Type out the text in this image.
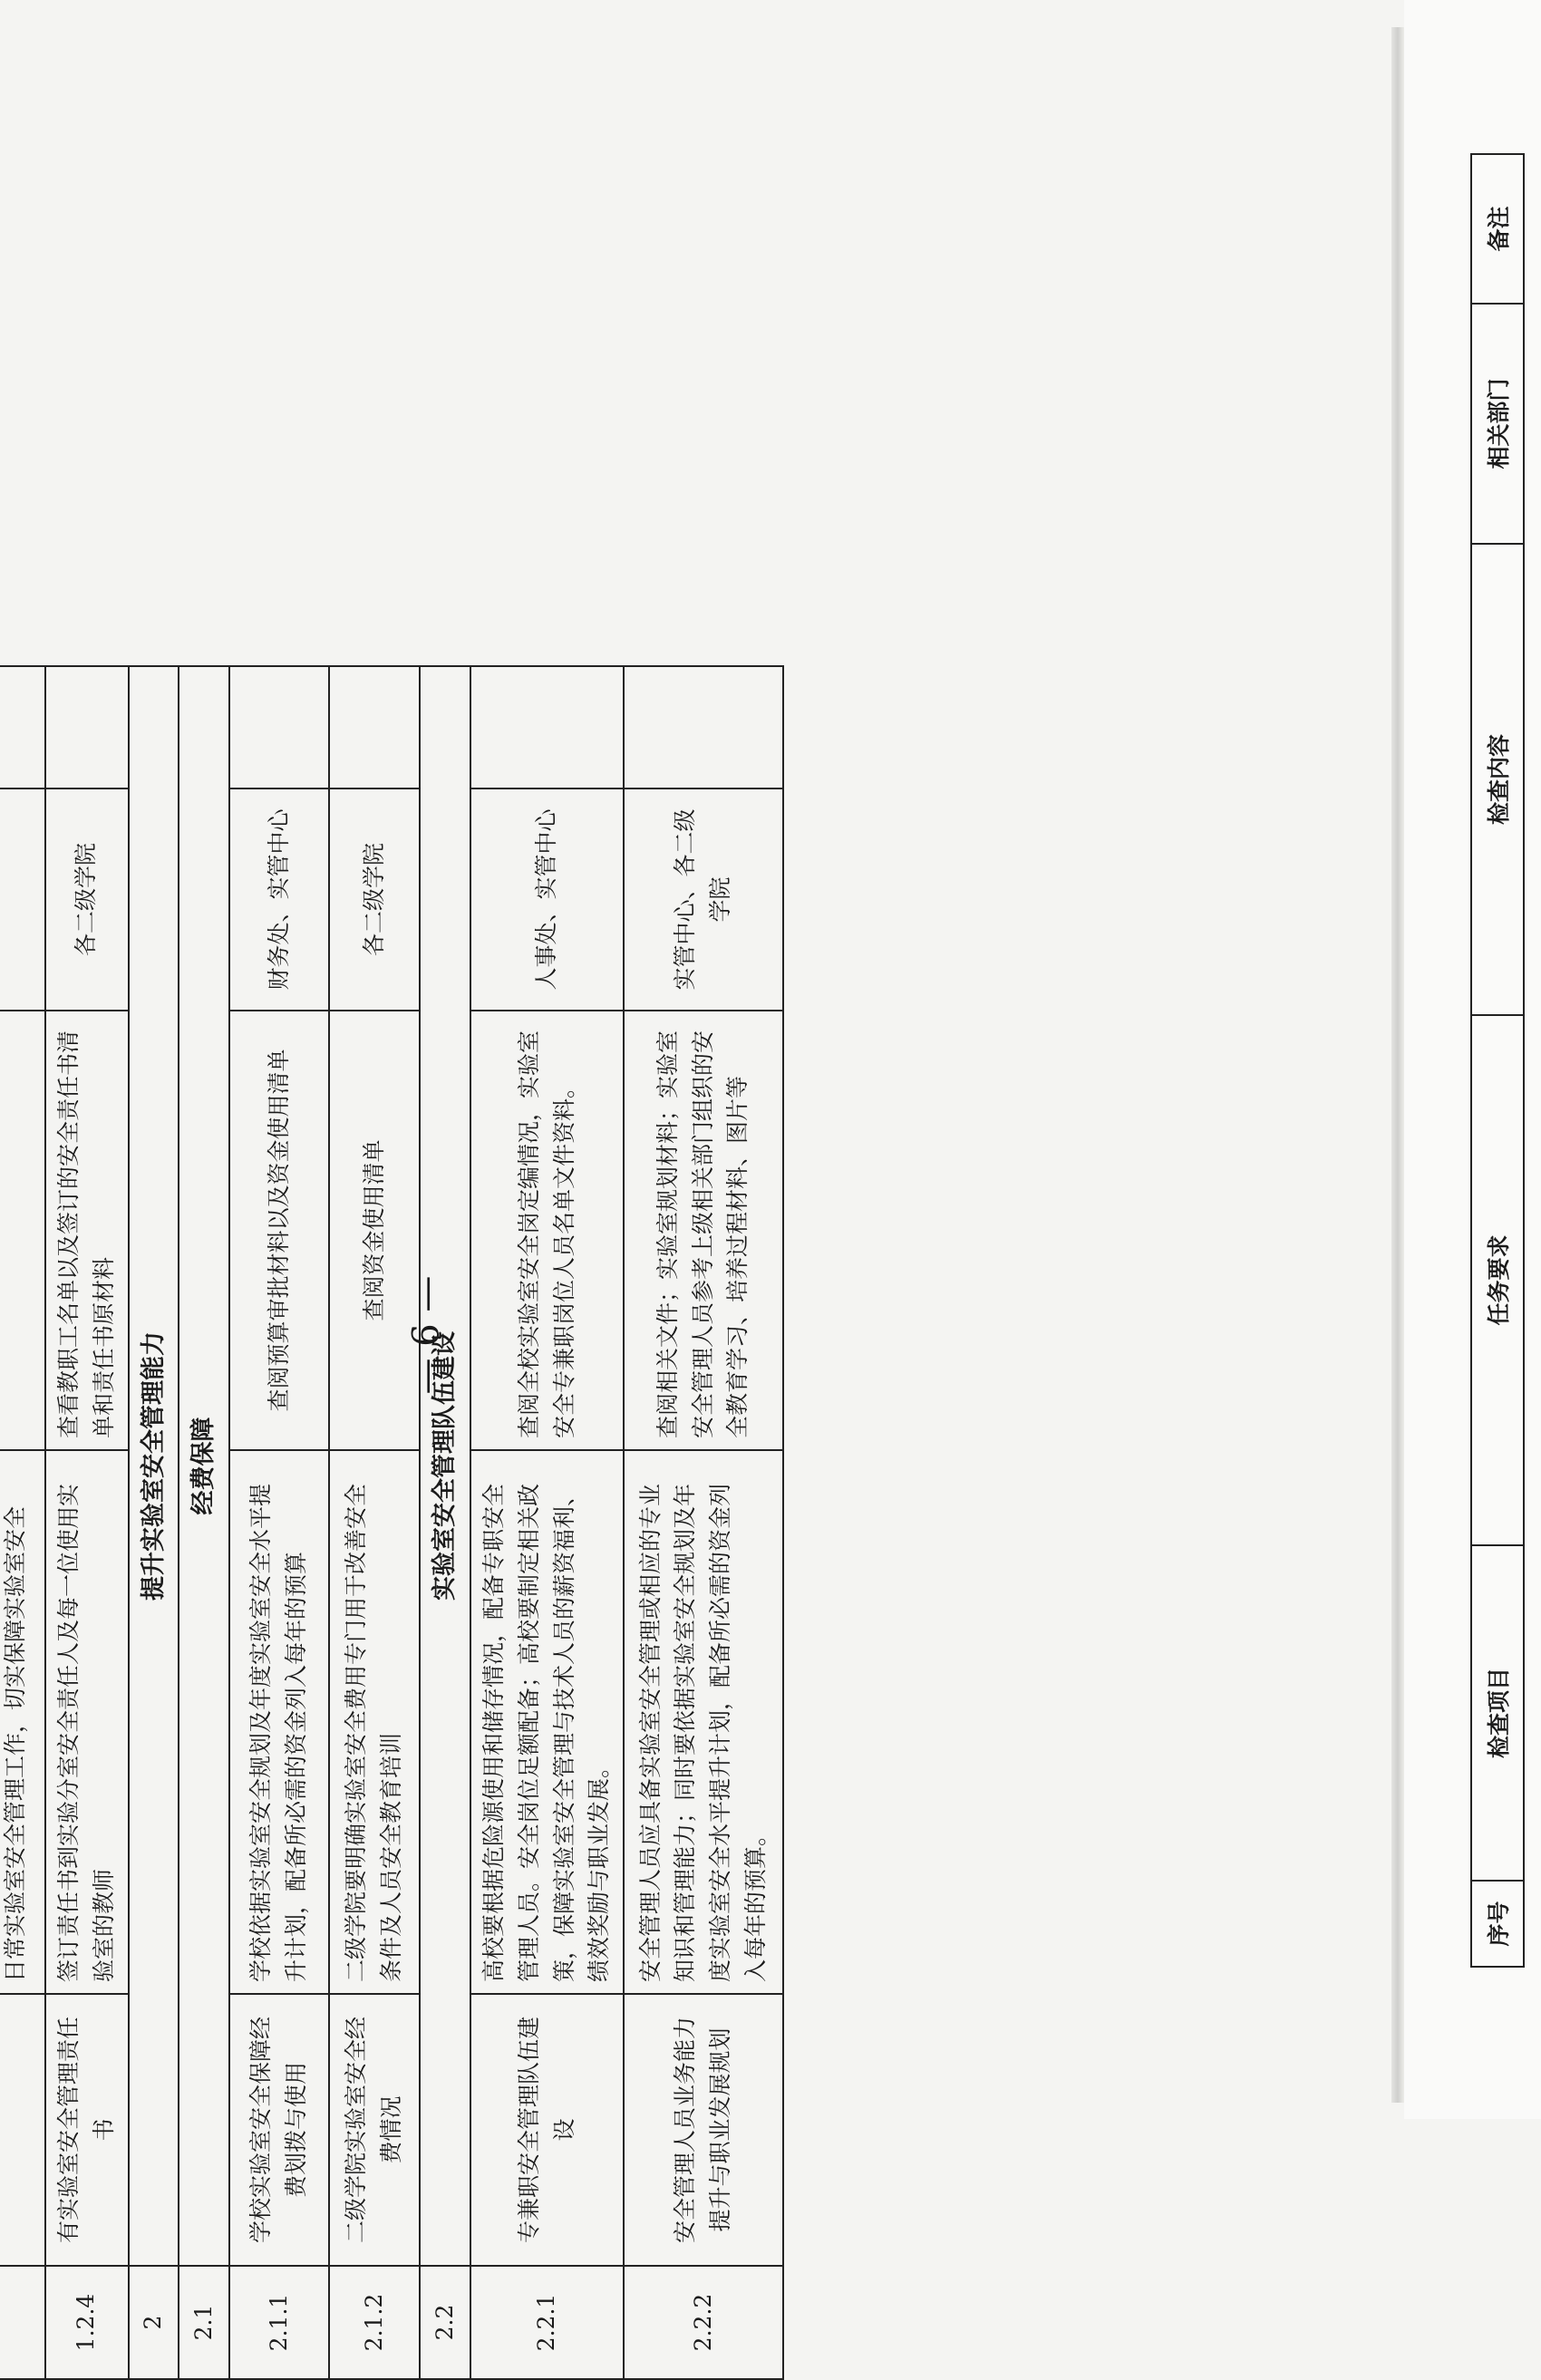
		日常实验室安全管理工作，切实保障实验室安全			
1.2.4	有实验室安全管理责任书	签订责任书到实验分室安全责任人及每一位使用实验室的教师	查看教职工名单以及签订的安全责任书清单和责任书原材料	各二级学院	
2	提升实验室安全管理能力				
2.1	经费保障				
2.1.1	学校实验室安全保障经费划拨与使用	学校依据实验室安全规划及年度实验室安全水平提升计划，配备所必需的资金列入每年的预算	查阅预算审批材料以及资金使用清单	财务处、实管中心	
2.1.2	二级学院实验室安全经费情况	二级学院要明确实验室安全费用专门用于改善安全条件及人员安全教育培训	查阅资金使用清单	各二级学院	
2.2	实验室安全管理队伍建设				
2.2.1	专兼职安全管理队伍建设	高校要根据危险源使用和储存情况，配备专职安全管理人员。安全岗位足额配备；高校要制定相关政策，保障实验室安全管理与技术人员的薪资福利、绩效奖励与职业发展。	查阅全校实验室安全岗定编情况，实验室安全专兼职岗位人员名单文件资料。	人事处、实管中心	
2.2.2	安全管理人员业务能力提升与职业发展规划	安全管理人员应具备实验室安全管理或相应的专业知识和管理能力；同时要依据实验室安全规划及年度实验室安全水平提升计划，配备所必需的资金列入每年的预算。	查阅相关文件；实验室规划材料；实验室安全管理人员参考上级相关部门组织的安全教育学习、培养过程材料、图片等	实管中心、各二级学院	
— 6 —
序号	检查项目	任务要求	检查内容	相关部门	备注
